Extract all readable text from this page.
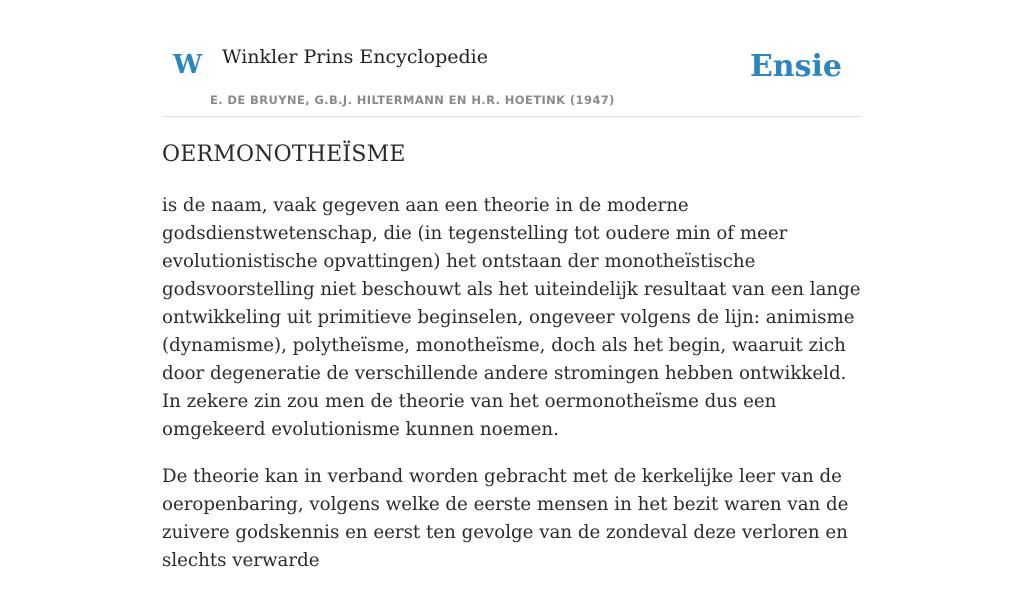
W Winkler Prins Encyclopedie
E. DE BRUYNE, G.B.J. HILTERMANN EN H.R. HOETINK (1947)
Ensie
OERMONOTHEÏSME

is de naam, vaak gegeven aan een theorie in de moderne godsdienstwetenschap, die (in tegenstelling tot oudere min of meer evolutionistische opvattingen) het ontstaan der monotheïstische godsvoorstelling niet beschouwt als het uiteindelijk resultaat van een lange ontwikkeling uit primitieve beginselen, ongeveer volgens de lijn: animisme (dynamisme), polytheïsme, monotheïsme, doch als het begin, waaruit zich door degeneratie de verschillende andere stromingen hebben ontwikkeld. In zekere zin zou men de theorie van het oermonotheïsme dus een omgekeerd evolutionisme kunnen noemen.

De theorie kan in verband worden gebracht met de kerkelijke leer van de oeropenbaring, volgens welke de eerste mensen in het bezit waren van de zuivere godskennis en eerst ten gevolge van de zondeval deze verloren en slechts verwarde
